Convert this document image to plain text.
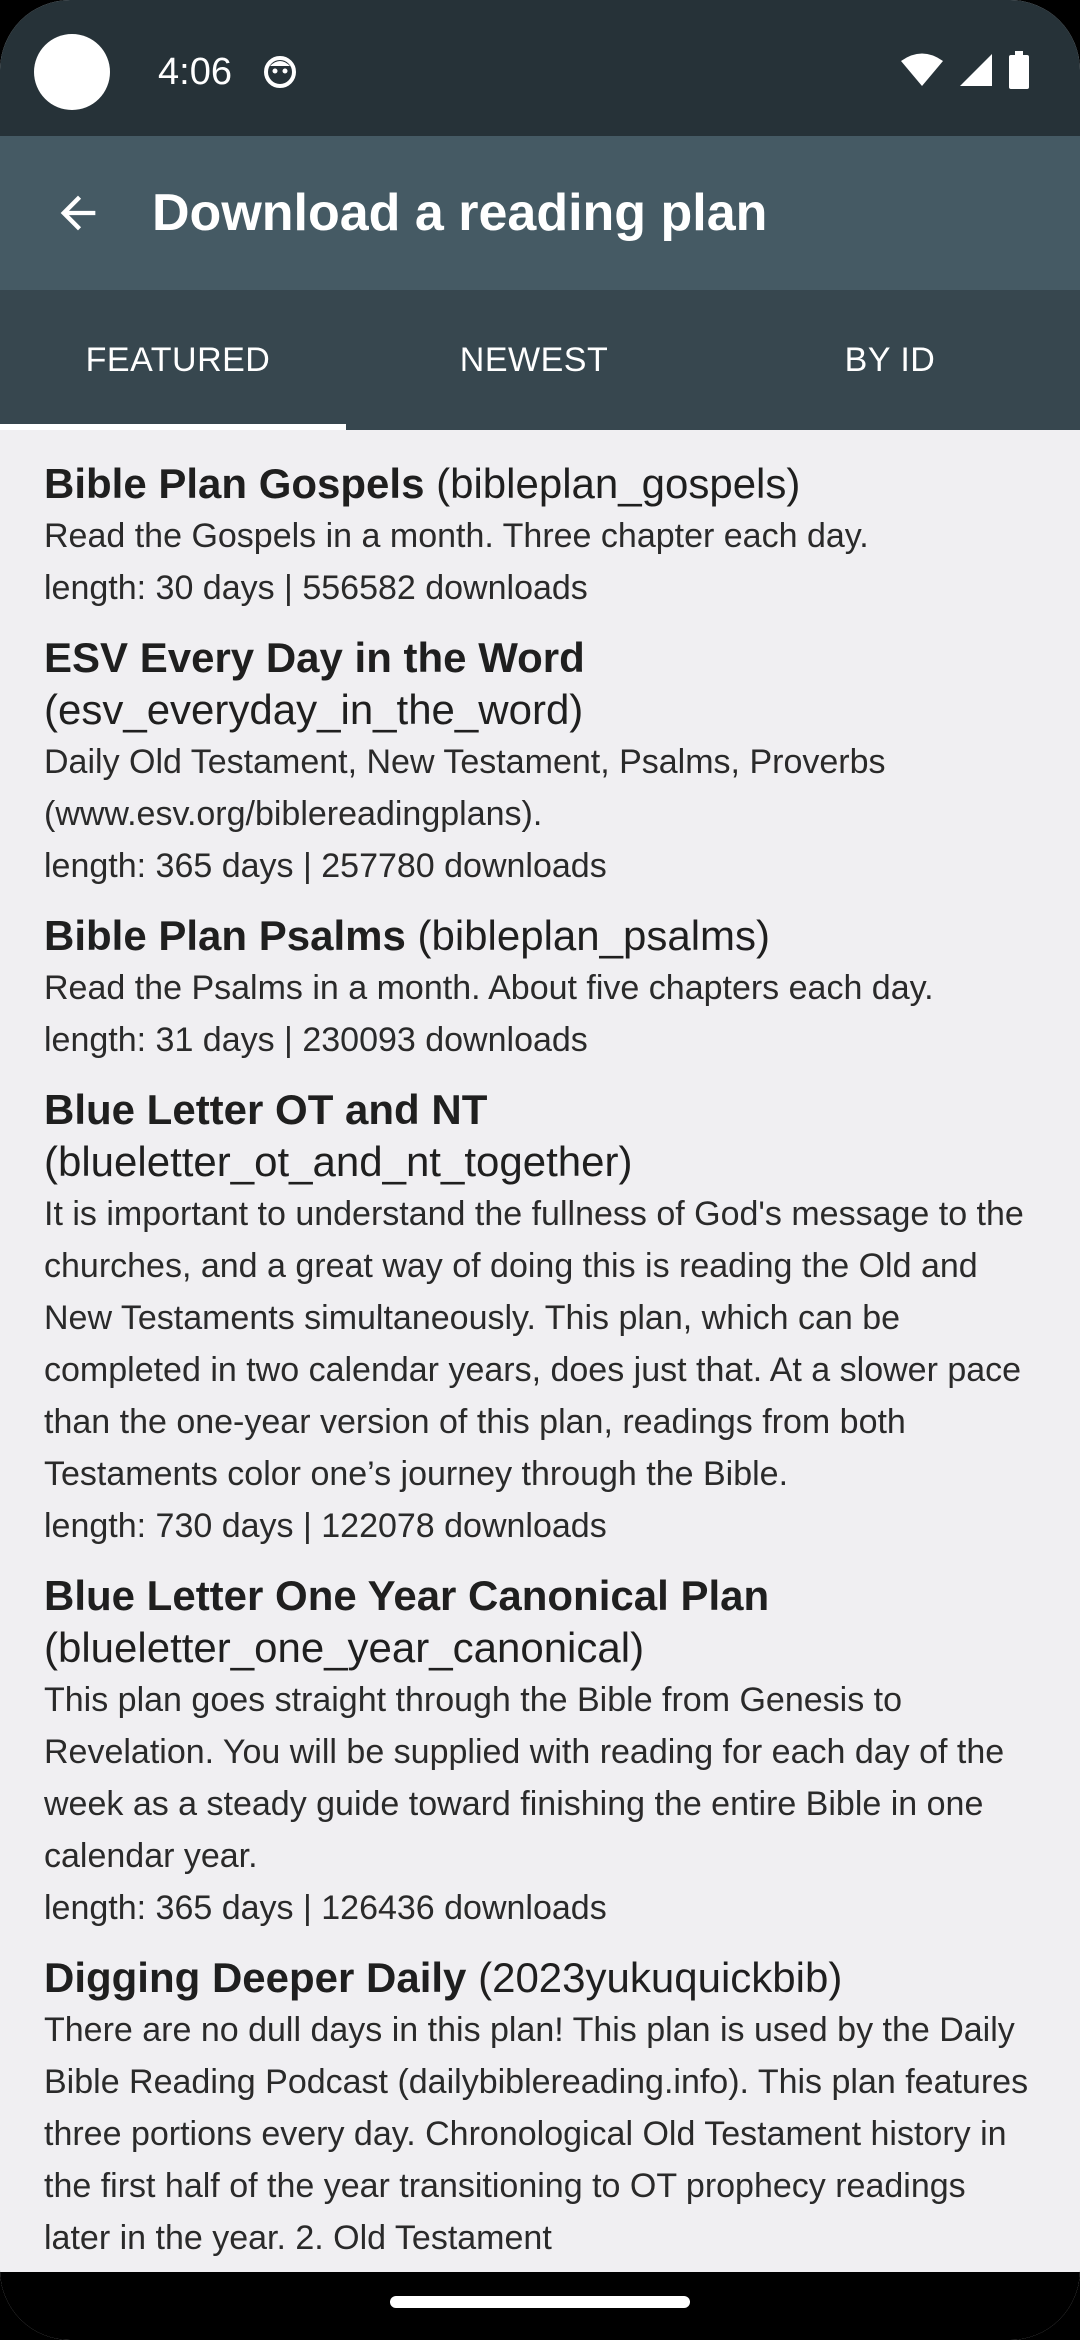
4:06
Download a reading plan
FEATURED	NEWEST	BY ID
Bible Plan Gospels (bibleplan_gospels)
Read the Gospels in a month. Three chapter each day.
length: 30 days | 556582 downloads
ESV Every Day in the Word
(esv_everyday_in_the_word)
Daily Old Testament, New Testament, Psalms, Proverbs (www.esv.org/biblereadingplans).
length: 365 days | 257780 downloads
Bible Plan Psalms (bibleplan_psalms)
Read the Psalms in a month. About five chapters each day.
length: 31 days | 230093 downloads
Blue Letter OT and NT
(blueletter_ot_and_nt_together)
It is important to understand the fullness of God's message to the churches, and a great way of doing this is reading the Old and New Testaments simultaneously. This plan, which can be completed in two calendar years, does just that. At a slower pace than the one-year version of this plan, readings from both Testaments color one’s journey through the Bible.
length: 730 days | 122078 downloads
Blue Letter One Year Canonical Plan
(blueletter_one_year_canonical)
This plan goes straight through the Bible from Genesis to Revelation. You will be supplied with reading for each day of the week as a steady guide toward finishing the entire Bible in one calendar year.
length: 365 days | 126436 downloads
Digging Deeper Daily (2023yukuquickbib)
There are no dull days in this plan! This plan is used by the Daily Bible Reading Podcast (dailybiblereading.info). This plan features three portions every day. Chronological Old Testament history in the first half of the year transitioning to OT prophecy readings later in the year. 2. Old Testament
